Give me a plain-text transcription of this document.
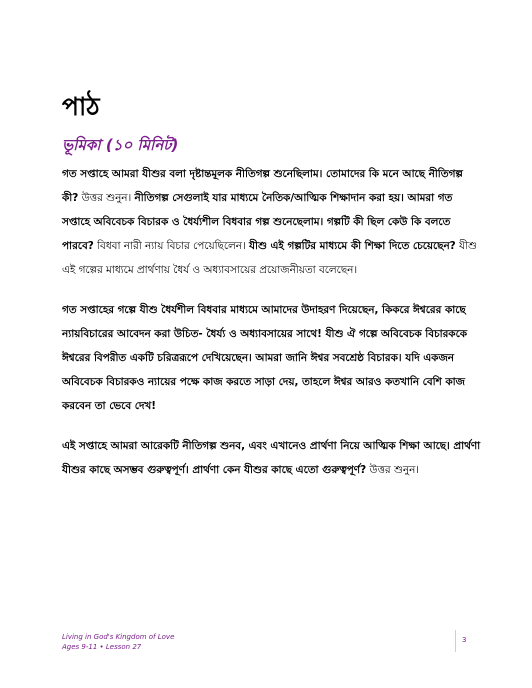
পাঠ
ভূমিকা (১০ মিনিট)

গত সপ্তাহে আমরা যীশুর বলা দৃষ্টান্তমূলক নীতিগল্প শুনেছিলাম। তোমাদের কি মনে আছে নীতিগল্প কী? উত্তর শুনুন। নীতিগল্প সেগুলাই যার মাধ্যমে নৈতিক/আত্মিক শিক্ষাদান করা হয়। আমরা গত সপ্তাহে অবিবেচক বিচারক ও ধৈর্য্যশীল বিধবার গল্প শুনেছেলাম। গল্পটি কী ছিল কেউ কি বলতে পারবে? বিধবা নারী ন্যায় বিচার পেয়েছিলেন। যীশু এই গল্পটির মাধ্যমে কী শিক্ষা দিতে চেয়েছেন? যীশু এই গল্পের মাধ্যমে প্রার্থণায় ধৈর্য ও অধ্যাবসায়ের প্রয়োজনীয়তা বলেছেন।

গত সপ্তাহের গল্পে যীশু ধৈর্যশীল বিধবার মাধ্যমে আমাদের উদাহরণ দিয়েছেন, কিকরে ঈশ্বরের কাছে ন্যায়বিচারের আবেদন করা উচিত- ধৈর্য্য ও অধ্যাবসায়ের সাথে! যীশু ঐ গল্পে অবিবেচক বিচারককে ঈশ্বরের বিপরীত একটি চরিত্ররূপে দেখিয়েছেন। আমরা জানি ঈশ্বর সবশ্রেষ্ঠ বিচারক। যদি একজন অবিবেচক বিচারকও ন্যায়ের পক্ষে কাজ করতে সাড়া দেয়, তাহলে ঈশ্বর আরও কতখানি বেশি কাজ করবেন তা ভেবে দেখ!

এই সপ্তাহে আমরা আরেকটি নীতিগল্প শুনব, এবং এখানেও প্রার্থণা নিয়ে আত্মিক শিক্ষা আছে। প্রার্থণা যীশুর কাছে অসম্ভব গুরুত্বপূর্ণ। প্রার্থণা কেন যীশুর কাছে এতো গুরুত্বপূর্ণ? উত্তর শুনুন।

Living in God's Kingdom of Love
Ages 9-11 • Lesson 27
3
